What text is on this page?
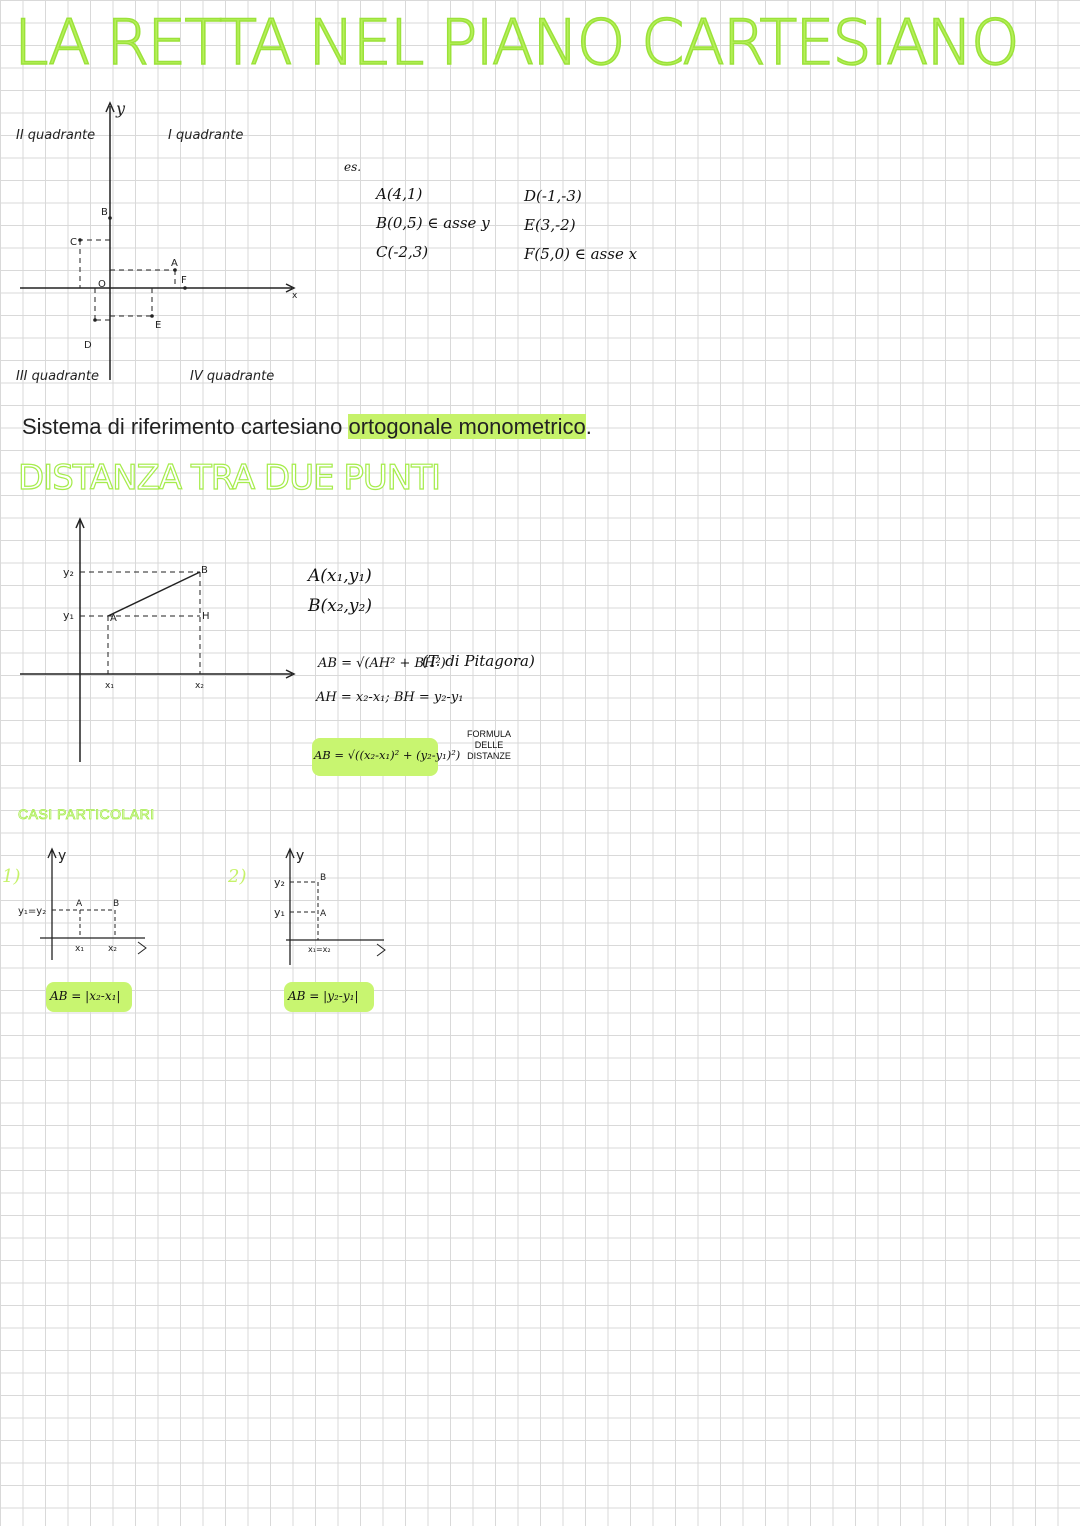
LA RETTA NEL PIANO CARTESIANO
A
B
C
D
E
F
O
x
y
II quadrante	I quadrante
III quadrante	IV quadrante
es.
A(4,1)
B(0,5) ∈ asse y
C(-2,3)
D(-1,-3)
E(3,-2)
F(5,0) ∈ asse x
Sistema di riferimento cartesiano ortogonale monometrico.
DISTANZA TRA DUE PUNTI
B
A	H
y₂
y₁
x₁	x₂
A(x₁,y₁)
B(x₂,y₂)
AB = √(AH² + BH²)
(T. di Pitagora)
AH = x₂-x₁; BH = y₂-y₁
AB = √((x₂-x₁)² + (y₂-y₁)²)
FORMULA
DELLE
DISTANZE
CASI PARTICOLARI
1)
A	B
y₁=y₂
x₁	x₂
y
AB = |x₂-x₁|
2)	B
A
y₂
y₁
x₁=x₂
y
AB = |y₂-y₁|
